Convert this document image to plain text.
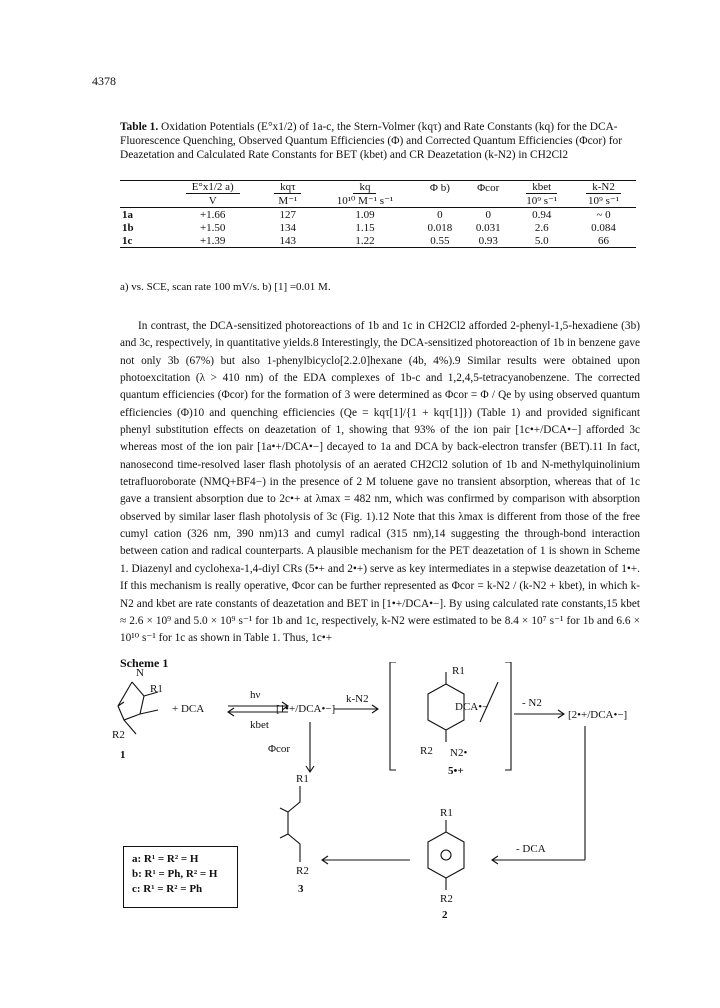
4378
Table 1. Oxidation Potentials (E°x1/2) of 1a-c, the Stern-Volmer (kqτ) and Rate Constants (kq) for the DCA-Fluorescence Quenching, Observed Quantum Efficiencies (Φ) and Corrected Quantum Efficiencies (Φcor) for Deazetation and Calculated Rate Constants for BET (kbet) and CR Deazetation (k-N2) in CH2Cl2
	E°x1/2 a)	kqτ	kq	Φ b)	Φcor	kbet	k-N2
	V	M⁻¹	10¹⁰ M⁻¹ s⁻¹			10⁹ s⁻¹	10⁹ s⁻¹
1a	+1.66	127	1.09	0	0	0.94	~ 0
1b	+1.50	134	1.15	0.018	0.031	2.6	0.084
1c	+1.39	143	1.22	0.55	0.93	5.0	66
a) vs. SCE, scan rate 100 mV/s. b) [1] =0.01 M.
In contrast, the DCA-sensitized photoreactions of 1b and 1c in CH2Cl2 afforded 2-phenyl-1,5-hexadiene (3b) and 3c, respectively, in quantitative yields.8 Interestingly, the DCA-sensitized photoreaction of 1b in benzene gave not only 3b (67%) but also 1-phenylbicyclo[2.2.0]hexane (4b, 4%).9 Similar results were obtained upon photoexcitation (λ > 410 nm) of the EDA complexes of 1b-c and 1,2,4,5-tetracyanobenzene. The corrected quantum efficiencies (Φcor) for the formation of 3 were determined as Φcor = Φ / Qe by using observed quantum efficiencies (Φ)10 and quenching efficiencies (Qe = kqτ[1]/{1 + kqτ[1]}) (Table 1) and provided significant phenyl substitution effects on deazetation of 1, showing that 93% of the ion pair [1c•+/DCA•−] afforded 3c whereas most of the ion pair [1a•+/DCA•−] decayed to 1a and DCA by back-electron transfer (BET).11 In fact, nanosecond time-resolved laser flash photolysis of an aerated CH2Cl2 solution of 1b and N-methylquinolinium tetrafluoroborate (NMQ+BF4−) in the presence of 2 M toluene gave no transient absorption, whereas that of 1c gave a transient absorption due to 2c•+ at λmax = 482 nm, which was confirmed by comparison with absorption observed by similar laser flash photolysis of 3c (Fig. 1).12 Note that this λmax is different from those of the free cumyl cation (326 nm, 390 nm)13 and cumyl radical (315 nm),14 suggesting the through-bond interaction between cation and radical counterparts. A plausible mechanism for the PET deazetation of 1 is shown in Scheme 1. Diazenyl and cyclohexa-1,4-diyl CRs (5•+ and 2•+) serve as key intermediates in a stepwise deazetation of 1•+. If this mechanism is really operative, Φcor can be further represented as Φcor = k-N2 / (k-N2 + kbet), in which k-N2 and kbet are rate constants of deazetation and BET in [1•+/DCA•−]. By using calculated rate constants,15 kbet ≈ 2.6 × 10⁹ and 5.0 × 10⁹ s⁻¹ for 1b and 1c, respectively, k-N2 were estimated to be 8.4 × 10⁷ s⁻¹ for 1b and 6.6 × 10¹⁰ s⁻¹ for 1c as shown in Table 1. Thus, 1c•+
Scheme 1
N
R1
R2
1
+ DCA
hν
kbet
[1•+/DCA•−]
k-N2
R1
R2 N2•
DCA•−
5•+
- N2
[2•+/DCA•−]
Φcor
R1
R2
3
R1
R2
2
- DCA
a: R¹ = R² = H
b: R¹ = Ph, R² = H
c: R¹ = R² = Ph
